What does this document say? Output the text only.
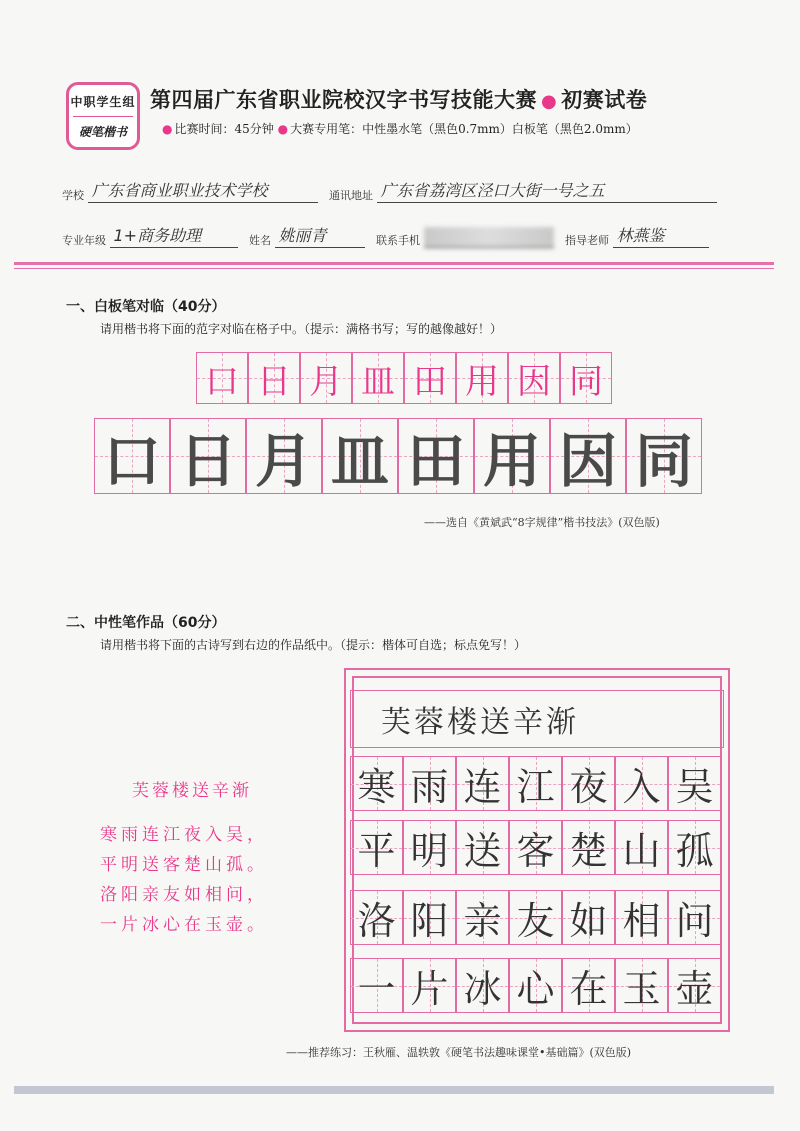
中职学生组
硬笔楷书
第四届广东省职业院校汉字书写技能大赛 ● 初赛试卷
● 比赛时间：45分钟 ● 大赛专用笔：中性墨水笔（黑色0.7mm）白板笔（黑色2.0mm）
学校 广东省商业职业技术学校	通讯地址 广东省荔湾区泾口大街一号之五
专业年级 1+商务助理	姓名 姚丽青	联系手机	指导老师 林燕鉴
一、白板笔对临（40分）
请用楷书将下面的范字对临在格子中。（提示：满格书写；写的越像越好！）
口 日 月 皿 田 用 因 同
口 日 月 皿 田 用 因 同
——选自《黄斌武“8字规律”楷书技法》(双色版)
二、中性笔作品（60分）
请用楷书将下面的古诗写到右边的作品纸中。（提示：楷体可自选；标点免写！）
芙蓉楼送辛渐
寒雨连江夜入吴，
平明送客楚山孤。
洛阳亲友如相问，
一片冰心在玉壶。
芙蓉楼送辛渐
寒 雨 连 江 夜 入 吴
平 明 送 客 楚 山 孤
洛 阳 亲 友 如 相 问
一 片 冰 心 在 玉 壶
——推荐练习：王秋雁、温轶敦《硬笔书法趣味课堂•基础篇》(双色版)
